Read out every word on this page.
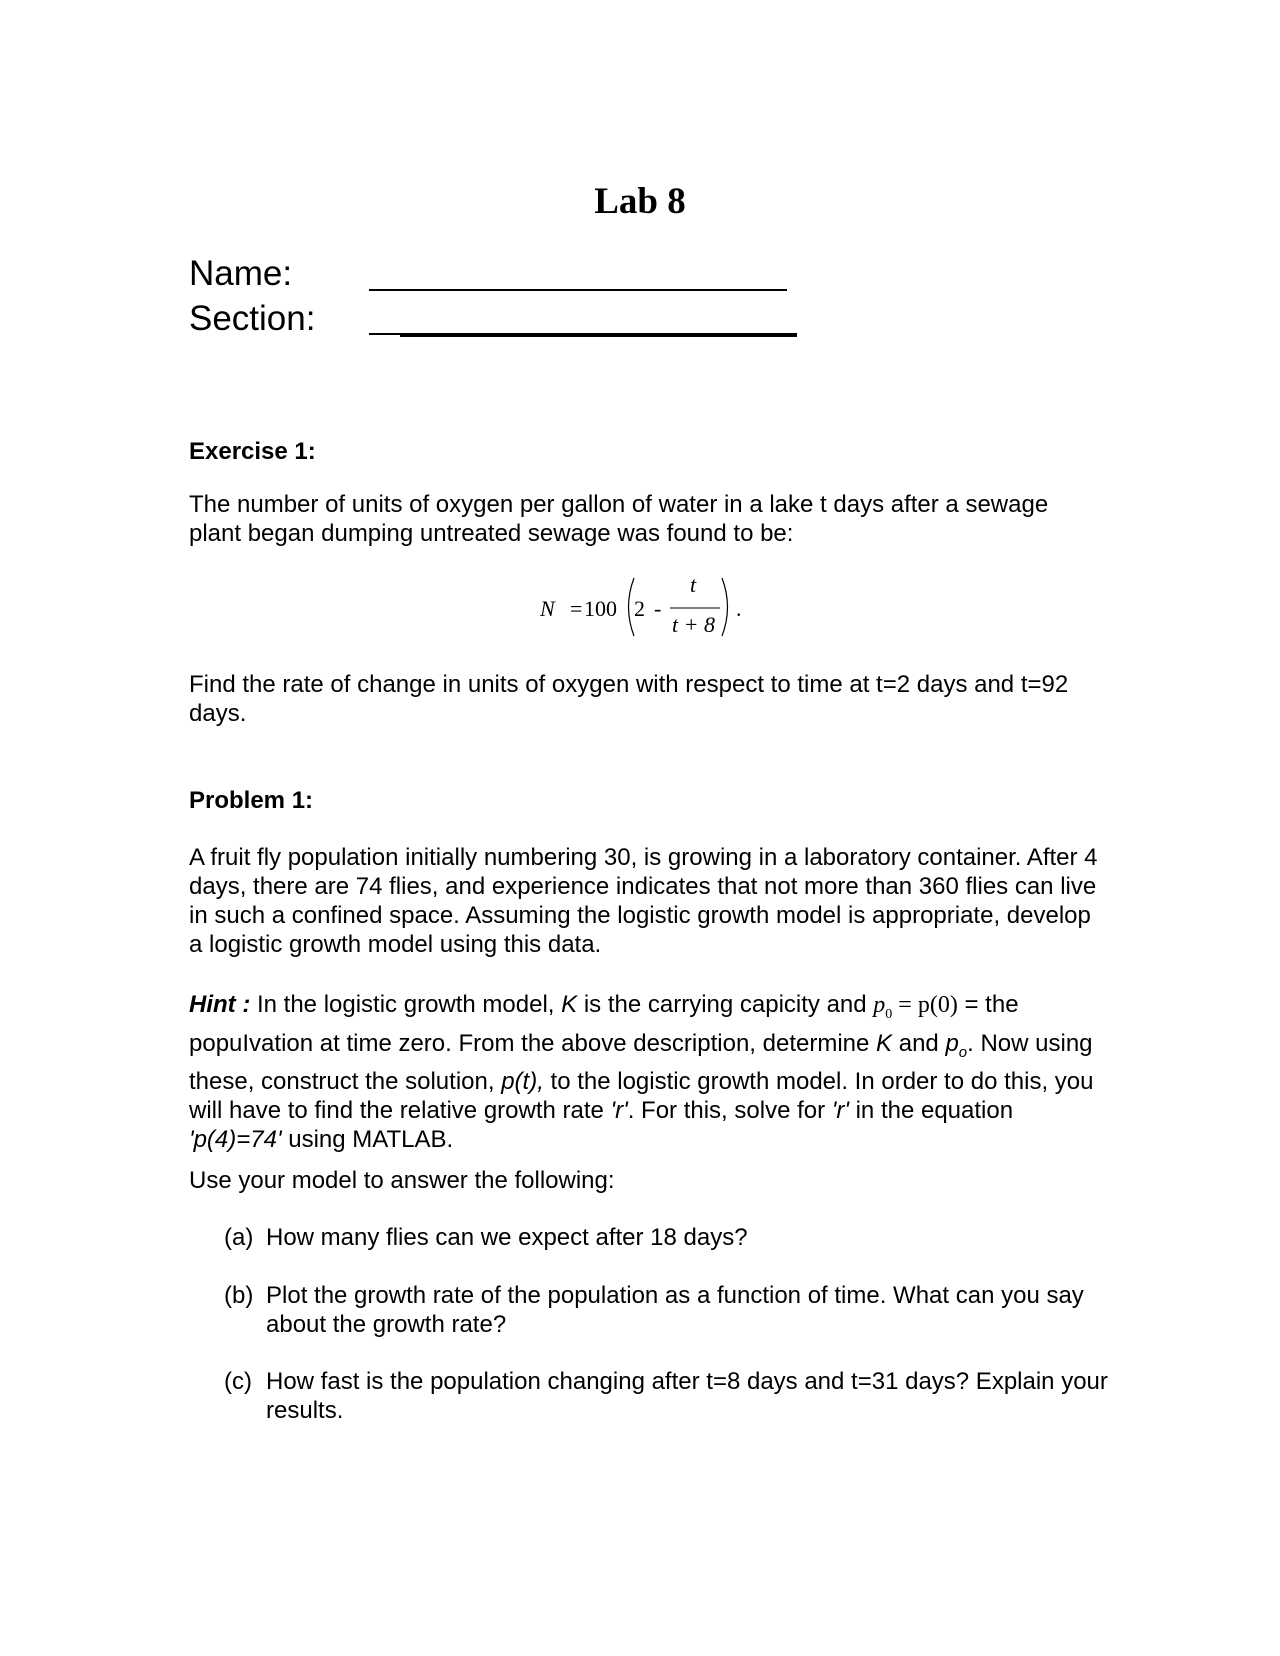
Lab 8
Name:
Section:
Exercise 1:
The number of units of oxygen per gallon of water in a lake t days after a sewage plant began dumping untreated sewage was found to be:
N = 100 2 -
t
t + 8
.
Find the rate of change in units of oxygen with respect to time at t=2 days and t=92 days.
Problem 1:
A fruit fly population initially numbering 30, is growing in a laboratory container. After 4 days, there are 74 flies, and experience indicates that not more than 360 flies can live in such a confined space. Assuming the logistic growth model is appropriate, develop a logistic growth model using this data.
Hint : In the logistic growth model, K is the carrying capicity and $p_0 = p(0)$ = the popuIvation at time zero. From the above description, determine K and $p_o$. Now using these, construct the solution, p(t), to the logistic growth model. In order to do this, you will have to find the relative growth rate 'r'. For this, solve for 'r' in the equation 'p(4)=74' using MATLAB.
Use your model to answer the following:
(a) How many flies can we expect after 18 days?
(b) Plot the growth rate of the population as a function of time. What can you say about the growth rate?
(c) How fast is the population changing after t=8 days and t=31 days? Explain your results.
